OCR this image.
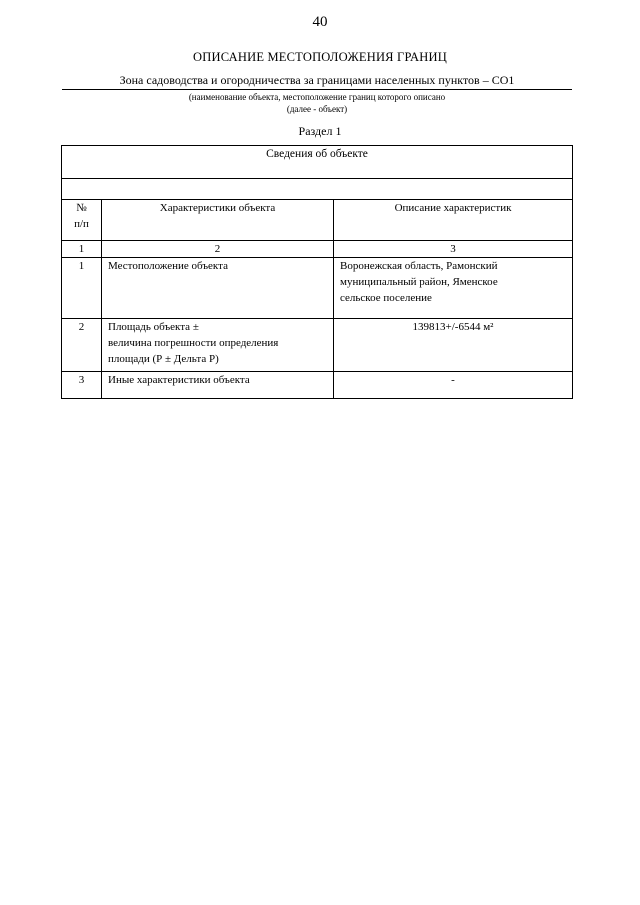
40
ОПИСАНИЕ МЕСТОПОЛОЖЕНИЯ ГРАНИЦ
Зона садоводства и огородничества за границами населенных пунктов – СО1
(наименование объекта, местоположение границ которого описано
(далее - объект)
Раздел 1
Сведения об объекте		

№
п/п	Характеристики объекта	Описание характеристик
1	2	3
1	Местоположение объекта	Воронежская область, Рамонский
муниципальный район, Яменское
сельское поселение

2	Площадь объекта ±
величина погрешности определения
площади (Р ± Дельта Р)	139813+/-6544 м²

3	Иные характеристики объекта	-
